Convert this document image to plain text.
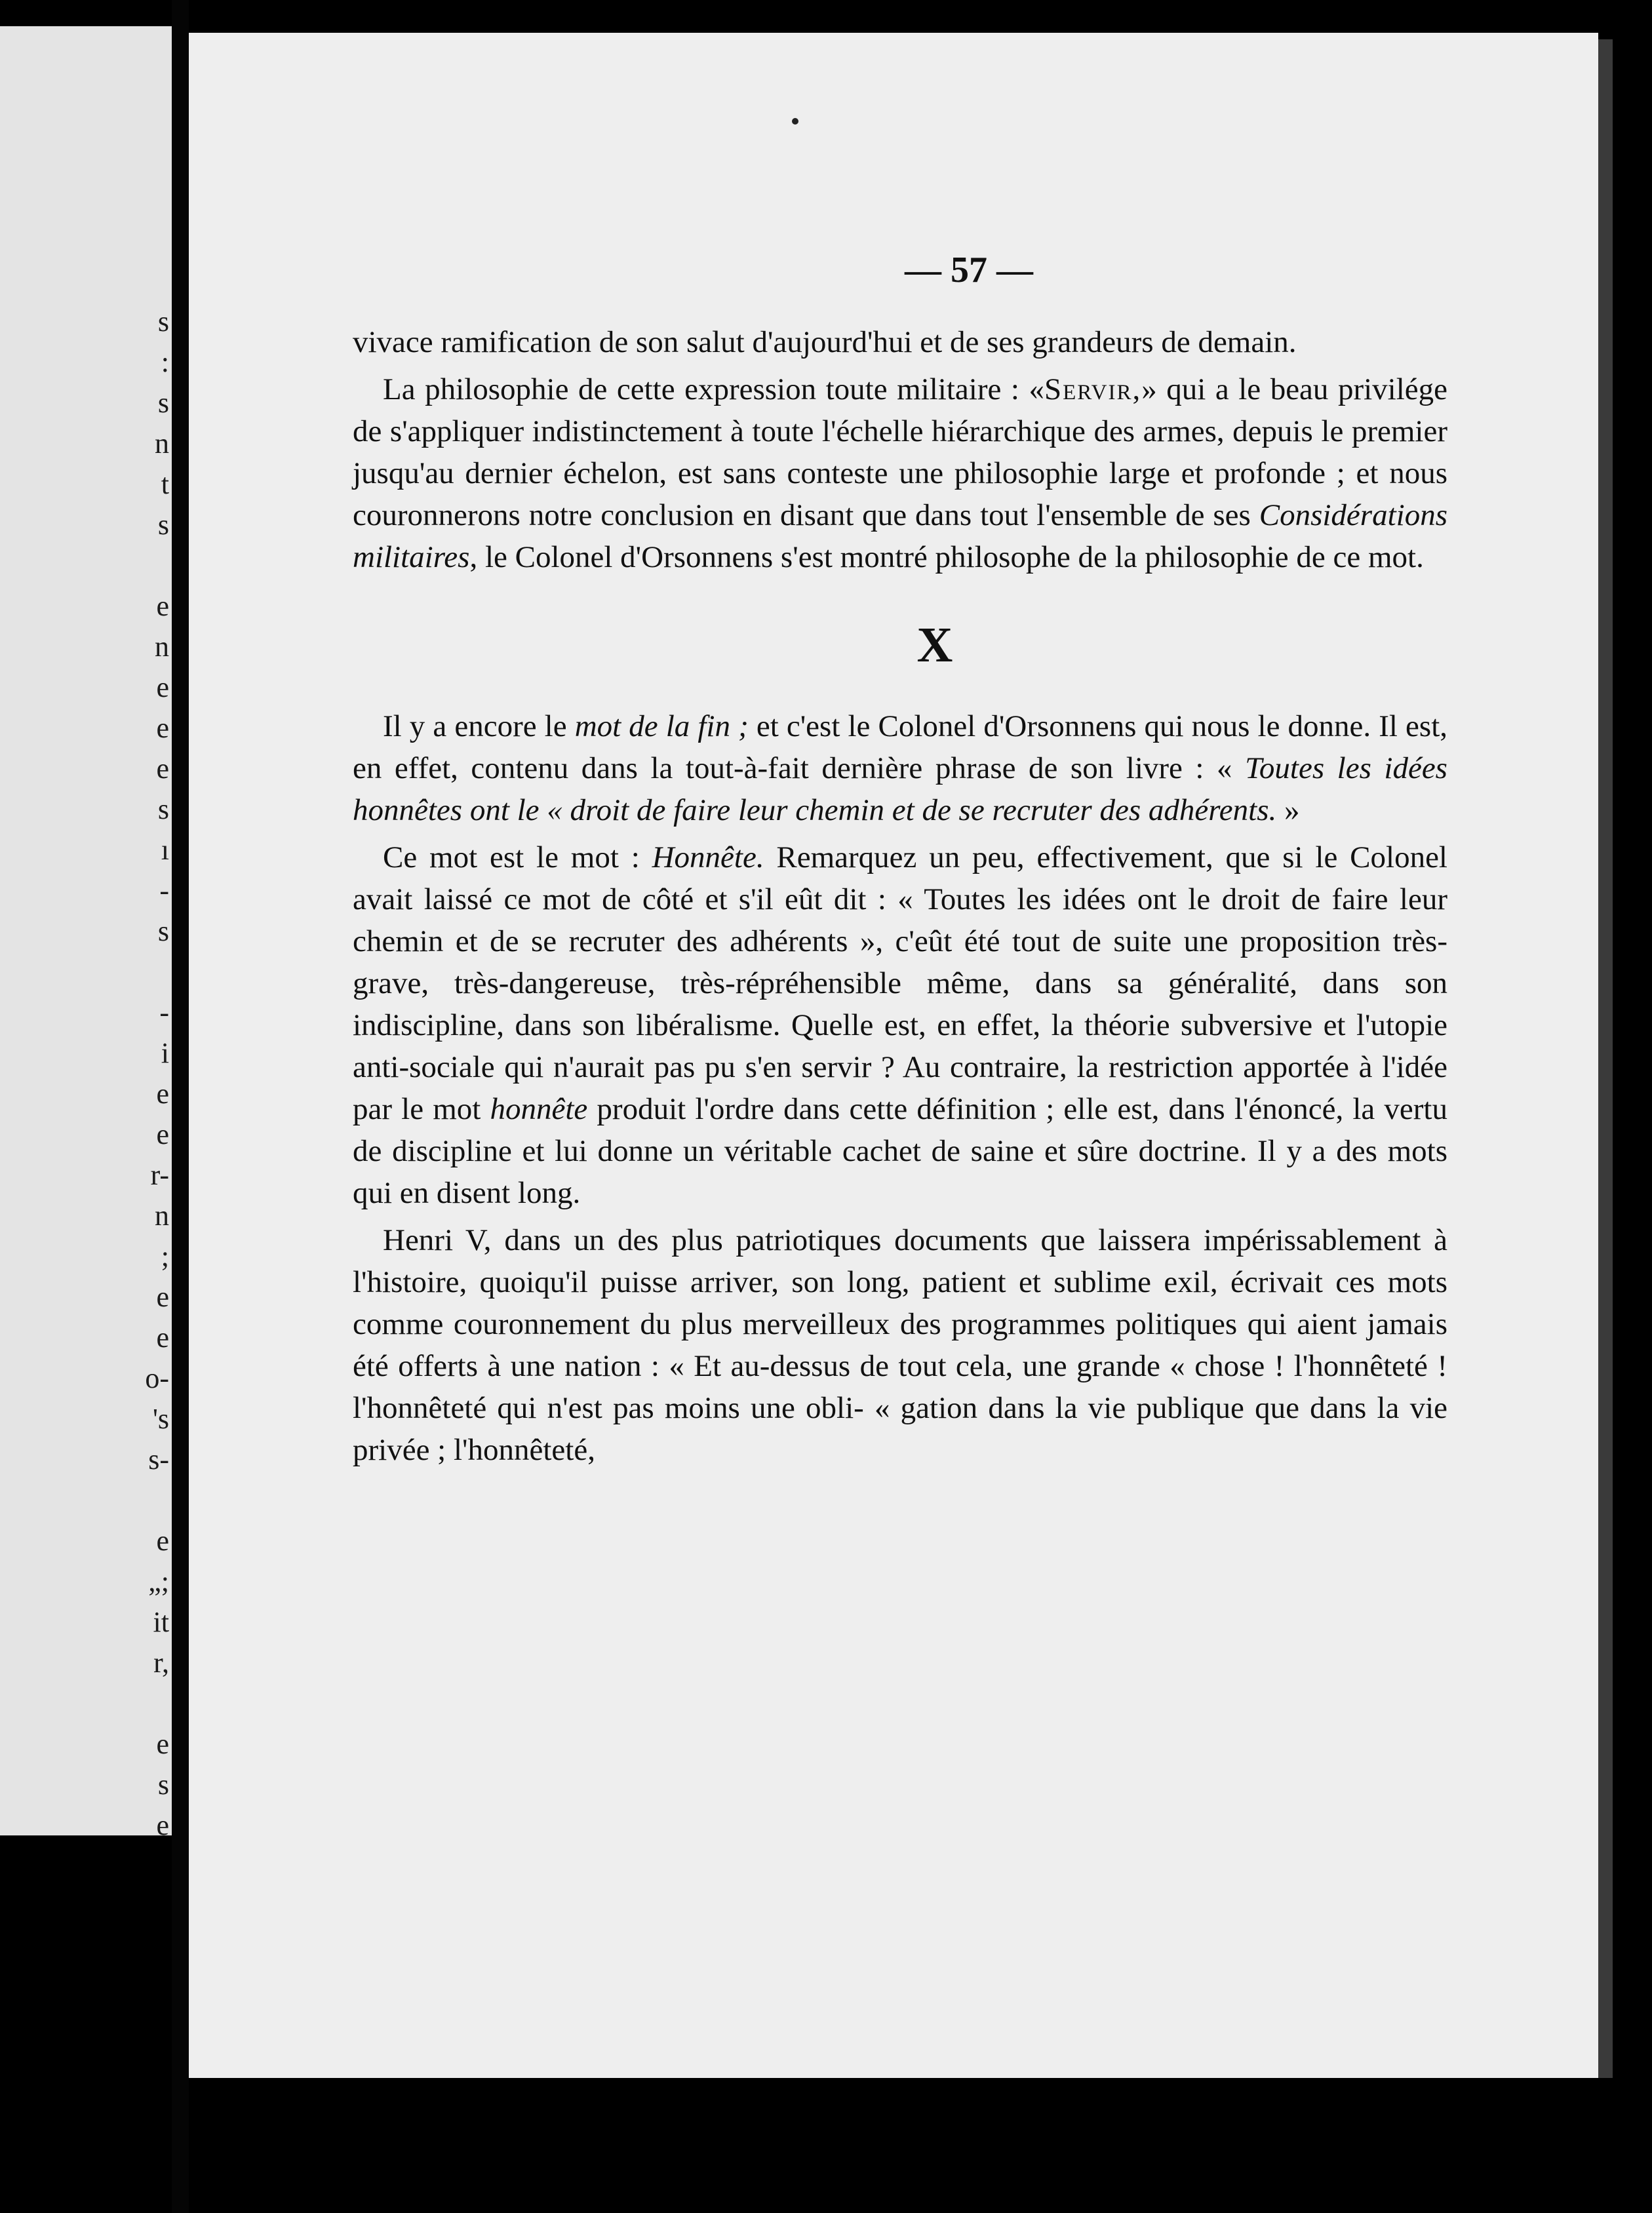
s
:
s
n
t
s

e
n
e
e
e
s
ı
-
s

-
i
e
e
r-
n
;
e
e
o-
's
s-

e
„;
it
r,

e
s
e
— 57 —

vivace ramification de son salut d'aujourd'hui et de ses grandeurs de demain.

La philosophie de cette expression toute militaire : «Servir,» qui a le beau privilége de s'appliquer indistinctement à toute l'échelle hiérarchique des armes, depuis le premier jusqu'au dernier échelon, est sans conteste une philosophie large et profonde ; et nous couronnerons notre conclusion en disant que dans tout l'ensemble de ses Considérations militaires, le Colonel d'Orsonnens s'est montré philosophe de la philosophie de ce mot.

X

Il y a encore le mot de la fin ; et c'est le Colonel d'Orsonnens qui nous le donne. Il est, en effet, contenu dans la tout-à-fait dernière phrase de son livre : « Toutes les idées honnêtes ont le « droit de faire leur chemin et de se recruter des adhérents. »

Ce mot est le mot : Honnête. Remarquez un peu, effectivement, que si le Colonel avait laissé ce mot de côté et s'il eût dit : « Toutes les idées ont le droit de faire leur chemin et de se recruter des adhérents », c'eût été tout de suite une proposition très-grave, très-dangereuse, très-répréhensible même, dans sa généralité, dans son indiscipline, dans son libéralisme. Quelle est, en effet, la théorie subversive et l'utopie anti-sociale qui n'aurait pas pu s'en servir ? Au contraire, la restriction apportée à l'idée par le mot honnête produit l'ordre dans cette définition ; elle est, dans l'énoncé, la vertu de discipline et lui donne un véritable cachet de saine et sûre doctrine. Il y a des mots qui en disent long.

Henri V, dans un des plus patriotiques documents que laissera impérissablement à l'histoire, quoiqu'il puisse arriver, son long, patient et sublime exil, écrivait ces mots comme couronnement du plus merveilleux des programmes politiques qui aient jamais été offerts à une nation : « Et au-dessus de tout cela, une grande « chose ! l'honnêteté ! l'honnêteté qui n'est pas moins une obli- « gation dans la vie publique que dans la vie privée ; l'honnêteté,
